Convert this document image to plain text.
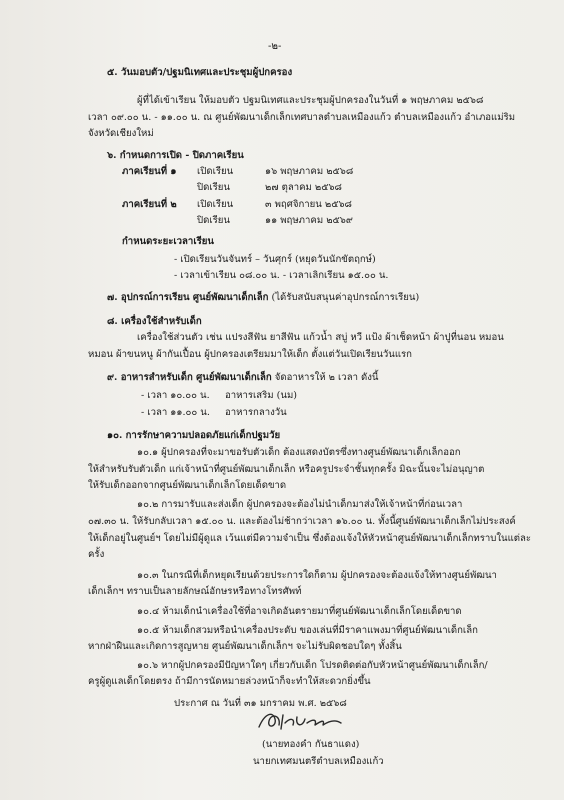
-๒-
๕. วันมอบตัว/ปฐมนิเทศและประชุมผู้ปกครอง
ผู้ที่ได้เข้าเรียน ให้มอบตัว ปฐมนิเทศและประชุมผู้ปกครองในวันที่ ๑ พฤษภาคม ๒๕๖๘
เวลา ๐๙.๐๐ น. - ๑๑.๐๐ น. ณ ศูนย์พัฒนาเด็กเล็กเทศบาลตำบลเหมืองแก้ว ตำบลเหมืองแก้ว อำเภอแม่ริม
จังหวัดเชียงใหม่
๖. กำหนดการเปิด - ปิดภาคเรียน
ภาคเรียนที่ ๑ เปิดเรียน	๑๖ พฤษภาคม ๒๕๖๘
ปิดเรียน	๒๗ ตุลาคม ๒๕๖๘
ภาคเรียนที่ ๒ เปิดเรียน	๓ พฤศจิกายน ๒๕๖๘
ปิดเรียน	๑๑ พฤษภาคม ๒๕๖๙
กำหนดระยะเวลาเรียน
- เปิดเรียนวันจันทร์ – วันศุกร์ (หยุดวันนักขัตฤกษ์)
- เวลาเข้าเรียน ๐๘.๐๐ น. - เวลาเลิกเรียน ๑๕.๐๐ น.
๗. อุปกรณ์การเรียน ศูนย์พัฒนาเด็กเล็ก (ได้รับสนับสนุนค่าอุปกรณ์การเรียน)
๘. เครื่องใช้สำหรับเด็ก
เครื่องใช้ส่วนตัว เช่น แปรงสีฟัน ยาสีฟัน แก้วน้ำ สบู่ หวี แป้ง ผ้าเช็ดหน้า ผ้าปูที่นอน หมอน
หมอน ผ้าขนหนู ผ้ากันเปื้อน ผู้ปกครองเตรียมมาให้เด็ก ตั้งแต่วันเปิดเรียนวันแรก
๙. อาหารสำหรับเด็ก ศูนย์พัฒนาเด็กเล็ก จัดอาหารให้ ๒ เวลา ดังนี้
- เวลา ๑๐.๐๐ น. อาหารเสริม (นม)
- เวลา ๑๑.๐๐ น. อาหารกลางวัน
๑๐. การรักษาความปลอดภัยแก่เด็กปฐมวัย
๑๐.๑ ผู้ปกครองที่จะมาขอรับตัวเด็ก ต้องแสดงบัตรซึ่งทางศูนย์พัฒนาเด็กเล็กออก
ให้สำหรับรับตัวเด็ก แก่เจ้าหน้าที่ศูนย์พัฒนาเด็กเล็ก หรือครูประจำชั้นทุกครั้ง มิฉะนั้นจะไม่อนุญาต
ให้รับเด็กออกจากศูนย์พัฒนาเด็กเล็กโดยเด็ดขาด
๑๐.๒ การมารับและส่งเด็ก ผู้ปกครองจะต้องไม่นำเด็กมาส่งให้เจ้าหน้าที่ก่อนเวลา
๐๗.๓๐ น. ให้รับกลับเวลา ๑๕.๐๐ น. และต้องไม่ช้ากว่าเวลา ๑๖.๐๐ น. ทั้งนี้ศูนย์พัฒนาเด็กเล็กไม่ประสงค์
ให้เด็กอยู่ในศูนย์ฯ โดยไม่มีผู้ดูแล เว้นแต่มีความจำเป็น ซึ่งต้องแจ้งให้หัวหน้าศูนย์พัฒนาเด็กเล็กทราบในแต่ละ
ครั้ง
๑๐.๓ ในกรณีที่เด็กหยุดเรียนด้วยประการใดก็ตาม ผู้ปกครองจะต้องแจ้งให้ทางศูนย์พัฒนา
เด็กเล็กฯ ทราบเป็นลายลักษณ์อักษรหรือทางโทรศัพท์
๑๐.๔ ห้ามเด็กนำเครื่องใช้ที่อาจเกิดอันตรายมาที่ศูนย์พัฒนาเด็กเล็กโดยเด็ดขาด
๑๐.๕ ห้ามเด็กสวมหรือนำเครื่องประดับ ของเล่นที่มีราคาแพงมาที่ศูนย์พัฒนาเด็กเล็ก
หากฝ่าฝืนและเกิดการสูญหาย ศูนย์พัฒนาเด็กเล็กฯ จะไม่รับผิดชอบใดๆ ทั้งสิ้น
๑๐.๖ หากผู้ปกครองมีปัญหาใดๆ เกี่ยวกับเด็ก โปรดติดต่อกับหัวหน้าศูนย์พัฒนาเด็กเล็ก/
ครูผู้ดูแลเด็กโดยตรง ถ้ามีการนัดหมายล่วงหน้าก็จะทำให้สะดวกยิ่งขึ้น
ประกาศ ณ วันที่ ๓๑ มกราคม พ.ศ. ๒๕๖๘
(นายทองคำ กันธาแดง)
นายกเทศมนตรีตำบลเหมืองแก้ว
